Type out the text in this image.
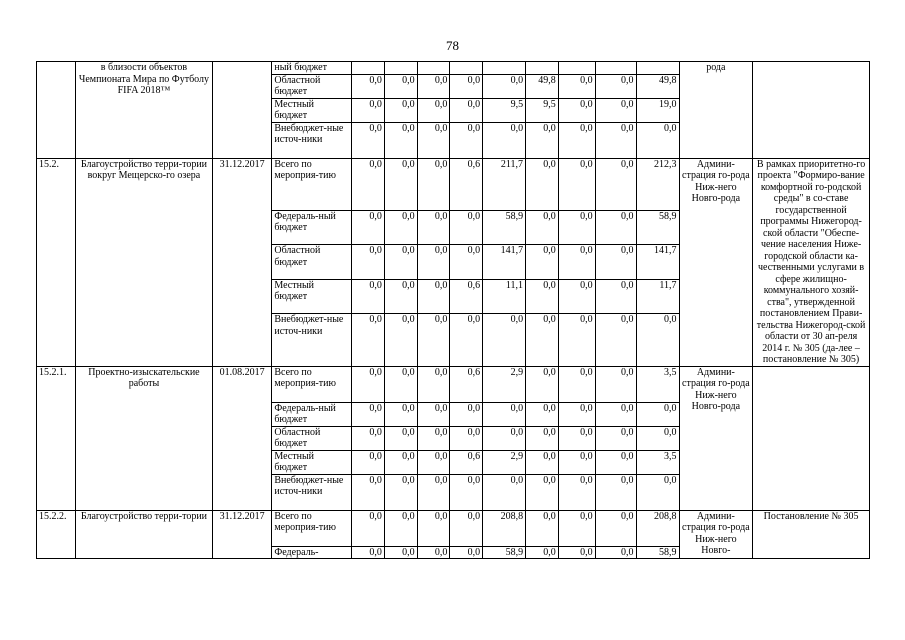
78
	в близости объектов Чемпионата Мира по Футболу FIFA 2018™		ный бюджет										рода	
			Областной бюджет	0,0	0,0	0,0	0,0	0,0	49,8	0,0	0,0	49,8		
			Местный бюджет	0,0	0,0	0,0	0,0	9,5	9,5	0,0	0,0	19,0		
			Внебюджет-ные источ-ники	0,0	0,0	0,0	0,0	0,0	0,0	0,0	0,0	0,0		
15.2.	Благоустройство терри-тории вокруг Мещерско-го озера	31.12.2017	Всего по мероприя-тию	0,0	0,0	0,0	0,6	211,7	0,0	0,0	0,0	212,3	Админи-страция го-рода Ниж-него Новго-рода	В рамках приоритетно-го проекта "Формиро-вание комфортной го-родской среды" в со-ставе государственной программы Нижегород-ской области "Обеспе-чение населения Ниже-городской области ка-чественными услугами в сфере жилищно-коммунального хозяй-ства", утвержденной постановлением Прави-тельства Нижегород-ской области от 30 ап-реля 2014 г. № 305 (да-лее – постановление № 305)
			Федераль-ный бюджет	0,0	0,0	0,0	0,0	58,9	0,0	0,0	0,0	58,9		
			Областной бюджет	0,0	0,0	0,0	0,0	141,7	0,0	0,0	0,0	141,7		
			Местный бюджет	0,0	0,0	0,0	0,6	11,1	0,0	0,0	0,0	11,7		
			Внебюджет-ные источ-ники	0,0	0,0	0,0	0,0	0,0	0,0	0,0	0,0	0,0		
15.2.1.	Проектно-изыскательские работы	01.08.2017	Всего по мероприя-тию	0,0	0,0	0,0	0,6	2,9	0,0	0,0	0,0	3,5	Админи-страция го-рода Ниж-него Новго-рода	
			Федераль-ный бюджет	0,0	0,0	0,0	0,0	0,0	0,0	0,0	0,0	0,0		
			Областной бюджет	0,0	0,0	0,0	0,0	0,0	0,0	0,0	0,0	0,0		
			Местный бюджет	0,0	0,0	0,0	0,6	2,9	0,0	0,0	0,0	3,5		
			Внебюджет-ные источ-ники	0,0	0,0	0,0	0,0	0,0	0,0	0,0	0,0	0,0		
15.2.2.	Благоустройство терри-тории	31.12.2017	Всего по мероприя-тию	0,0	0,0	0,0	0,0	208,8	0,0	0,0	0,0	208,8	Админи-страция го-рода Ниж-него Новго-	Постановление № 305
			Федераль-	0,0	0,0	0,0	0,0	58,9	0,0	0,0	0,0	58,9		
